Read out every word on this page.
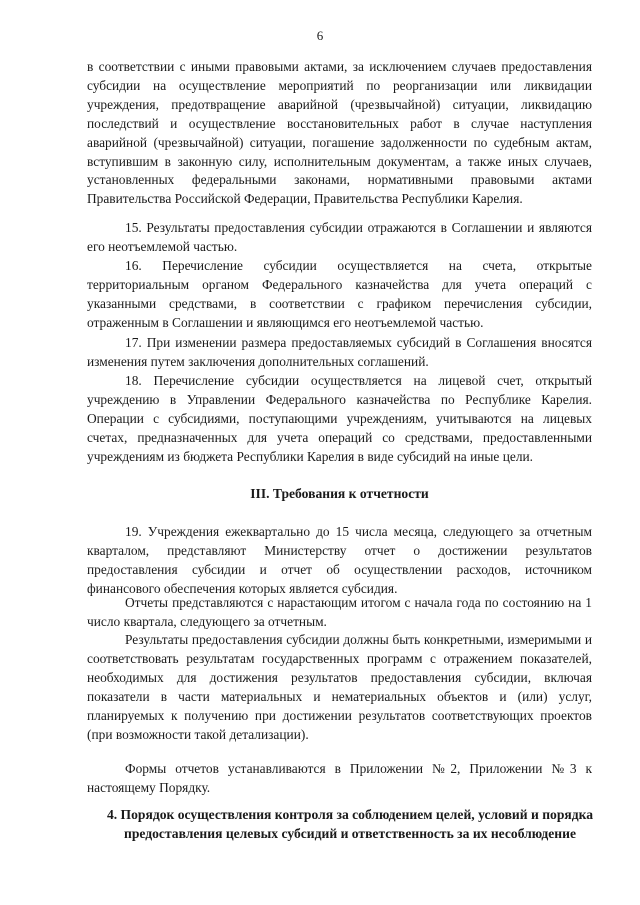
6

в соответствии с иными правовыми актами, за исключением случаев предоставления субсидии на осуществление мероприятий по реорганизации или ликвидации учреждения, предотвращение аварийной (чрезвычайной) ситуации, ликвидацию последствий и осуществление восстановительных работ в случае наступления аварийной (чрезвычайной) ситуации, погашение задолженности по судебным актам, вступившим в законную силу, исполнительным документам, а также иных случаев, установленных федеральными законами, нормативными правовыми актами Правительства Российской Федерации, Правительства Республики Карелия.

15. Результаты предоставления субсидии отражаются в Соглашении и являются его неотъемлемой частью.

16. Перечисление субсидии осуществляется на счета, открытые территориальным органом Федерального казначейства для учета операций с указанными средствами, в соответствии с графиком перечисления субсидии, отраженным в Соглашении и являющимся его неотъемлемой частью.

17. При изменении размера предоставляемых субсидий в Соглашения вносятся изменения путем заключения дополнительных соглашений.

18. Перечисление субсидии осуществляется на лицевой счет, открытый учреждению в Управлении Федерального казначейства по Республике Карелия. Операции с субсидиями, поступающими учреждениям, учитываются на лицевых счетах, предназначенных для учета операций со средствами, предоставленными учреждениям из бюджета Республики Карелия в виде субсидий на иные цели.

III. Требования к отчетности

19. Учреждения ежеквартально до 15 числа месяца, следующего за отчетным кварталом, представляют Министерству отчет о достижении результатов предоставления субсидии и отчет об осуществлении расходов, источником финансового обеспечения которых является субсидия.

Отчеты представляются с нарастающим итогом с начала года по состоянию на 1 число квартала, следующего за отчетным.

Результаты предоставления субсидии должны быть конкретными, измеримыми и соответствовать результатам государственных программ с отражением показателей, необходимых для достижения результатов предоставления субсидии, включая показатели в части материальных и нематериальных объектов и (или) услуг, планируемых к получению при достижении результатов соответствующих проектов (при возможности такой детализации).

Формы отчетов устанавливаются в Приложении №2, Приложении №3 к настоящему Порядку.

4. Порядок осуществления контроля за соблюдением целей, условий и порядка предоставления целевых субсидий и ответственность за их несоблюдение
